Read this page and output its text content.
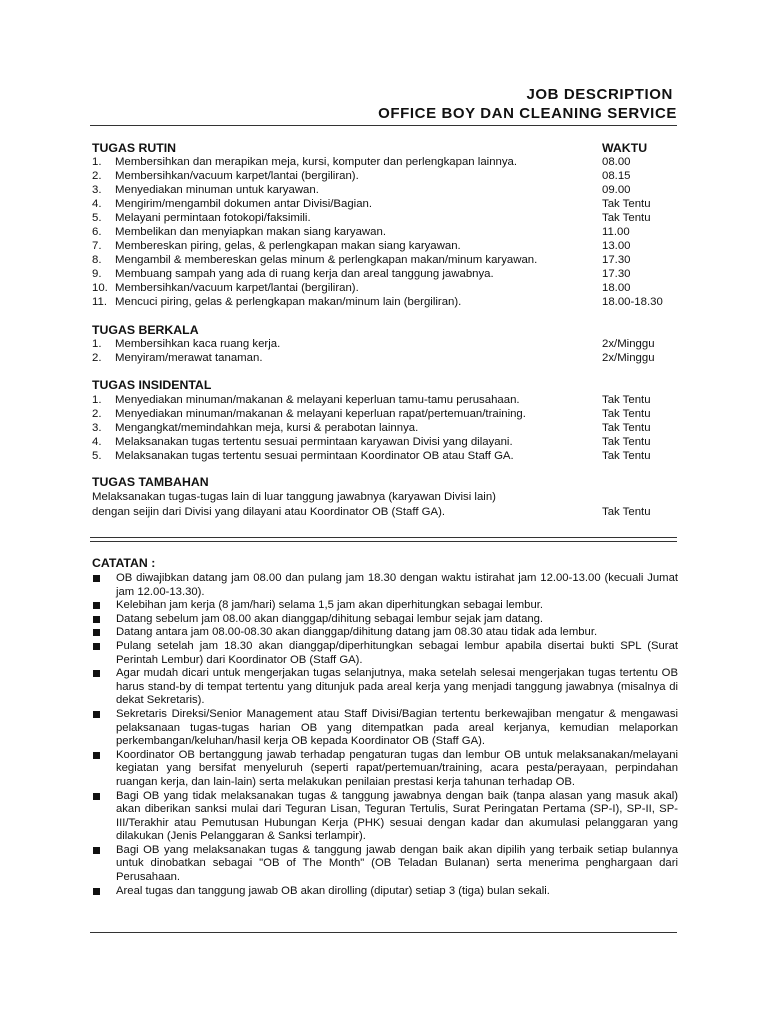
JOB DESCRIPTION
OFFICE BOY DAN CLEANING SERVICE
TUGAS RUTIN	WAKTU
1. Membersihkan dan merapikan meja, kursi, komputer dan perlengkapan lainnya.	08.00
2. Membersihkan/vacuum karpet/lantai (bergiliran).	08.15
3. Menyediakan minuman untuk karyawan.	09.00
4. Mengirim/mengambil dokumen antar Divisi/Bagian.	Tak Tentu
5. Melayani permintaan fotokopi/faksimili.	Tak Tentu
6. Membelikan dan menyiapkan makan siang karyawan.	11.00
7. Membereskan piring, gelas, & perlengkapan makan siang karyawan.	13.00
8. Mengambil & membereskan gelas minum & perlengkapan makan/minum karyawan.	17.30
9. Membuang sampah yang ada di ruang kerja dan areal tanggung jawabnya.	17.30
10. Membersihkan/vacuum karpet/lantai (bergiliran).	18.00
11. Mencuci piring, gelas & perlengkapan makan/minum lain (bergiliran).	18.00-18.30
TUGAS BERKALA
1. Membersihkan kaca ruang kerja.	2x/Minggu
2. Menyiram/merawat tanaman.	2x/Minggu
TUGAS INSIDENTAL
1. Menyediakan minuman/makanan & melayani keperluan tamu-tamu perusahaan.	Tak Tentu
2. Menyediakan minuman/makanan & melayani keperluan rapat/pertemuan/training.	Tak Tentu
3. Mengangkat/memindahkan meja, kursi & perabotan lainnya.	Tak Tentu
4. Melaksanakan tugas tertentu sesuai permintaan karyawan Divisi yang dilayani.	Tak Tentu
5. Melaksanakan tugas tertentu sesuai permintaan Koordinator OB atau Staff GA.	Tak Tentu
TUGAS TAMBAHAN
Melaksanakan tugas-tugas lain di luar tanggung jawabnya (karyawan Divisi lain)
dengan seijin dari Divisi yang dilayani atau Koordinator OB (Staff GA).	Tak Tentu
CATATAN :
OB diwajibkan datang jam 08.00 dan pulang jam 18.30 dengan waktu istirahat jam 12.00-13.00 (kecuali Jumat jam 12.00-13.30).
Kelebihan jam kerja (8 jam/hari) selama 1,5 jam akan diperhitungkan sebagai lembur.
Datang sebelum jam 08.00 akan dianggap/dihitung sebagai lembur sejak jam datang.
Datang antara jam 08.00-08.30 akan dianggap/dihitung datang jam 08.30 atau tidak ada lembur.
Pulang setelah jam 18.30 akan dianggap/diperhitungkan sebagai lembur apabila disertai bukti SPL (Surat Perintah Lembur) dari Koordinator OB (Staff GA).
Agar mudah dicari untuk mengerjakan tugas selanjutnya, maka setelah selesai mengerjakan tugas tertentu OB harus stand-by di tempat tertentu yang ditunjuk pada areal kerja yang menjadi tanggung jawabnya (misalnya di dekat Sekretaris).
Sekretaris Direksi/Senior Management atau Staff Divisi/Bagian tertentu berkewajiban mengatur & mengawasi pelaksanaan tugas-tugas harian OB yang ditempatkan pada areal kerjanya, kemudian melaporkan perkembangan/keluhan/hasil kerja OB kepada Koordinator OB (Staff GA).
Koordinator OB bertanggung jawab terhadap pengaturan tugas dan lembur OB untuk melaksanakan/melayani kegiatan yang bersifat menyeluruh (seperti rapat/pertemuan/training, acara pesta/perayaan, perpindahan ruangan kerja, dan lain-lain) serta melakukan penilaian prestasi kerja tahunan terhadap OB.
Bagi OB yang tidak melaksanakan tugas & tanggung jawabnya dengan baik (tanpa alasan yang masuk akal) akan diberikan sanksi mulai dari Teguran Lisan, Teguran Tertulis, Surat Peringatan Pertama (SP-I), SP-II, SP-III/Terakhir atau Pemutusan Hubungan Kerja (PHK) sesuai dengan kadar dan akumulasi pelanggaran yang dilakukan (Jenis Pelanggaran & Sanksi terlampir).
Bagi OB yang melaksanakan tugas & tanggung jawab dengan baik akan dipilih yang terbaik setiap bulannya untuk dinobatkan sebagai "OB of The Month" (OB Teladan Bulanan) serta menerima penghargaan dari Perusahaan.
Areal tugas dan tanggung jawab OB akan dirolling (diputar) setiap 3 (tiga) bulan sekali.
